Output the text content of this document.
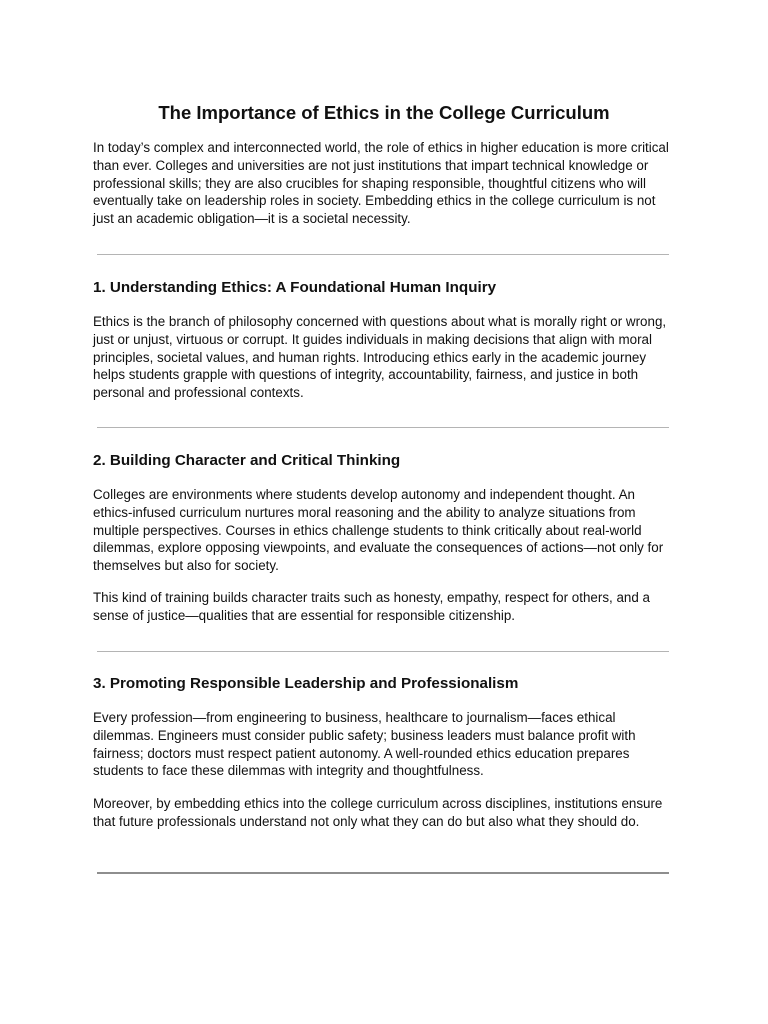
The Importance of Ethics in the College Curriculum

In today’s complex and interconnected world, the role of ethics in higher education is more critical than ever. Colleges and universities are not just institutions that impart technical knowledge or professional skills; they are also crucibles for shaping responsible, thoughtful citizens who will eventually take on leadership roles in society. Embedding ethics in the college curriculum is not just an academic obligation—it is a societal necessity.

1. Understanding Ethics: A Foundational Human Inquiry

Ethics is the branch of philosophy concerned with questions about what is morally right or wrong, just or unjust, virtuous or corrupt. It guides individuals in making decisions that align with moral principles, societal values, and human rights. Introducing ethics early in the academic journey helps students grapple with questions of integrity, accountability, fairness, and justice in both personal and professional contexts.

2. Building Character and Critical Thinking

Colleges are environments where students develop autonomy and independent thought. An ethics-infused curriculum nurtures moral reasoning and the ability to analyze situations from multiple perspectives. Courses in ethics challenge students to think critically about real-world dilemmas, explore opposing viewpoints, and evaluate the consequences of actions—not only for themselves but also for society.

This kind of training builds character traits such as honesty, empathy, respect for others, and a sense of justice—qualities that are essential for responsible citizenship.

3. Promoting Responsible Leadership and Professionalism

Every profession—from engineering to business, healthcare to journalism—faces ethical dilemmas. Engineers must consider public safety; business leaders must balance profit with fairness; doctors must respect patient autonomy. A well-rounded ethics education prepares students to face these dilemmas with integrity and thoughtfulness.

Moreover, by embedding ethics into the college curriculum across disciplines, institutions ensure that future professionals understand not only what they can do but also what they should do.
